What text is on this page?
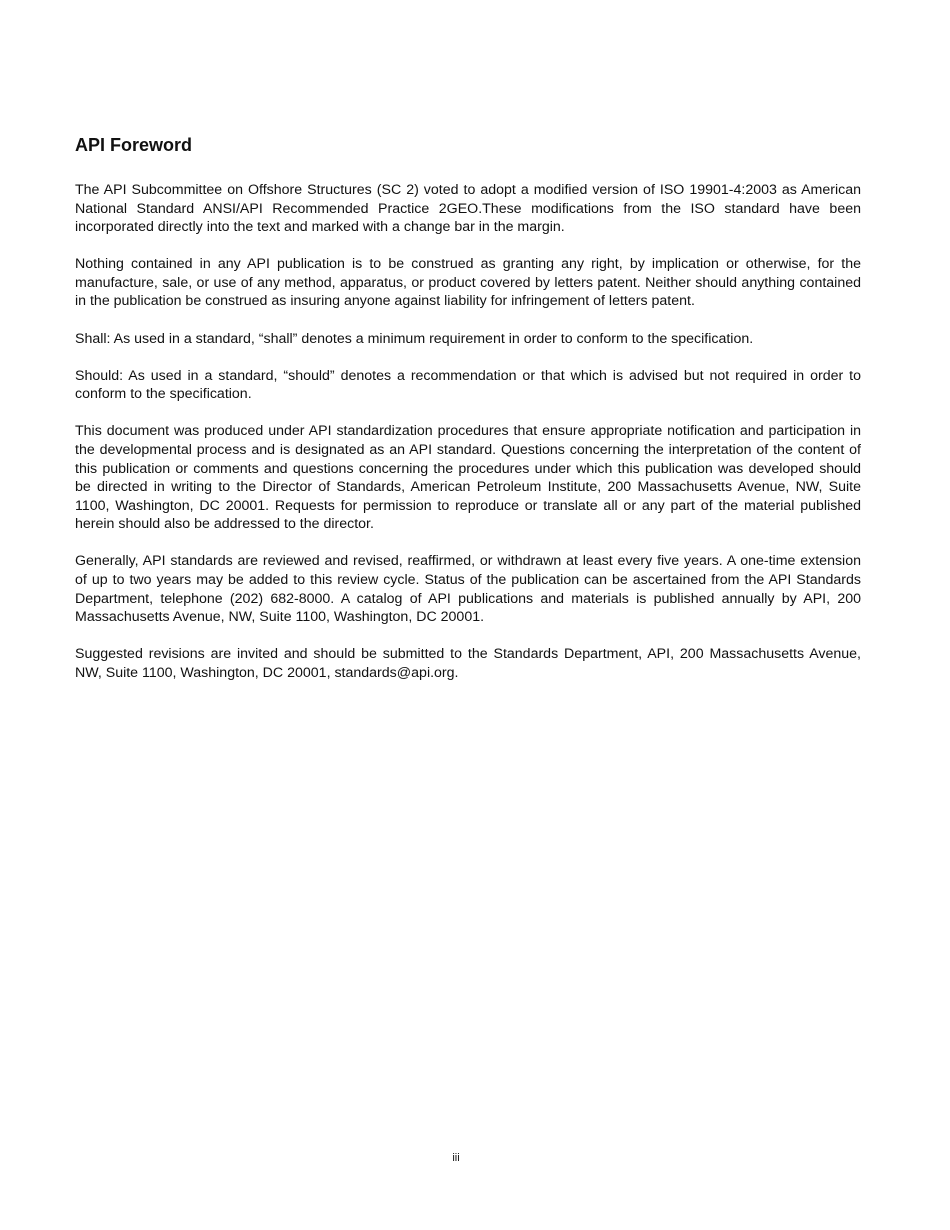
API Foreword

The API Subcommittee on Offshore Structures (SC 2) voted to adopt a modified version of ISO 19901-4:2003 as American National Standard ANSI/API Recommended Practice 2GEO.These modifications from the ISO standard have been incorporated directly into the text and marked with a change bar in the margin.

Nothing contained in any API publication is to be construed as granting any right, by implication or otherwise, for the manufacture, sale, or use of any method, apparatus, or product covered by letters patent. Neither should anything contained in the publication be construed as insuring anyone against liability for infringement of letters patent.

Shall: As used in a standard, “shall” denotes a minimum requirement in order to conform to the specification.

Should: As used in a standard, “should” denotes a recommendation or that which is advised but not required in order to conform to the specification.

This document was produced under API standardization procedures that ensure appropriate notification and participation in the developmental process and is designated as an API standard. Questions concerning the interpretation of the content of this publication or comments and questions concerning the procedures under which this publication was developed should be directed in writing to the Director of Standards, American Petroleum Institute, 200 Massachusetts Avenue, NW, Suite 1100, Washington, DC 20001. Requests for permission to reproduce or translate all or any part of the material published herein should also be addressed to the director.

Generally, API standards are reviewed and revised, reaffirmed, or withdrawn at least every five years. A one-time extension of up to two years may be added to this review cycle. Status of the publication can be ascertained from the API Standards Department, telephone (202) 682-8000. A catalog of API publications and materials is published annually by API, 200 Massachusetts Avenue, NW, Suite 1100, Washington, DC 20001.

Suggested revisions are invited and should be submitted to the Standards Department, API, 200 Massachusetts Avenue, NW, Suite 1100, Washington, DC 20001, standards@api.org.

iii
